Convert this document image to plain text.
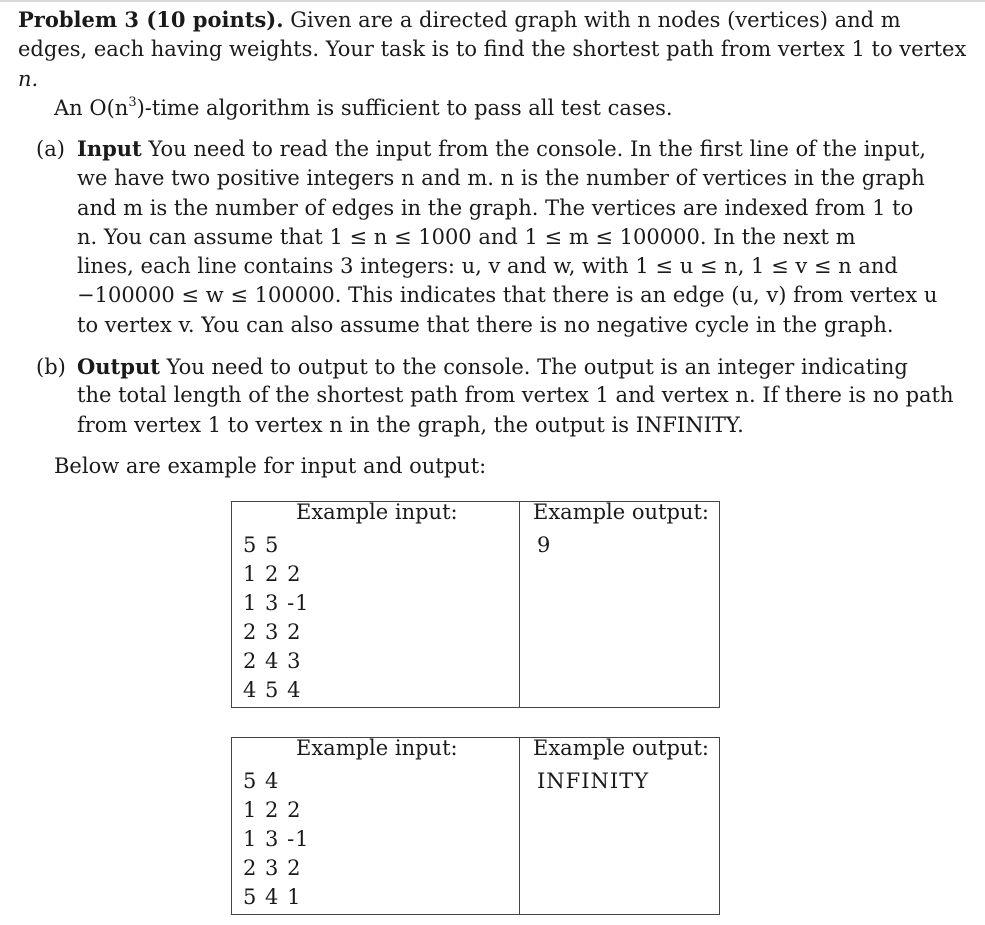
Problem 3 (10 points). Given are a directed graph with n nodes (vertices) and m
edges, each having weights. Your task is to find the shortest path from vertex 1 to vertex
n.
An $O(n^3)$-time algorithm is sufficient to pass all test cases.
(a) Input You need to read the input from the console. In the first line of the input,
we have two positive integers n and m. n is the number of vertices in the graph
and m is the number of edges in the graph. The vertices are indexed from 1 to
n. You can assume that 1 ≤ n ≤ 1000 and 1 ≤ m ≤ 100000. In the next m
lines, each line contains 3 integers: u, v and w, with 1 ≤ u ≤ n, 1 ≤ v ≤ n and
−100000 ≤ w ≤ 100000. This indicates that there is an edge (u, v) from vertex u
to vertex v. You can also assume that there is no negative cycle in the graph.
(b) Output You need to output to the console. The output is an integer indicating
the total length of the shortest path from vertex 1 and vertex n. If there is no path
from vertex 1 to vertex n in the graph, the output is INFINITY.
Below are example for input and output:
Example input:
5 5
1 2 2
1 3 -1
2 3 2
2 4 3
4 5 4
Example output:
9
Example input:
5 4
1 2 2
1 3 -1
2 3 2
5 4 1
Example output:
INFINITY
